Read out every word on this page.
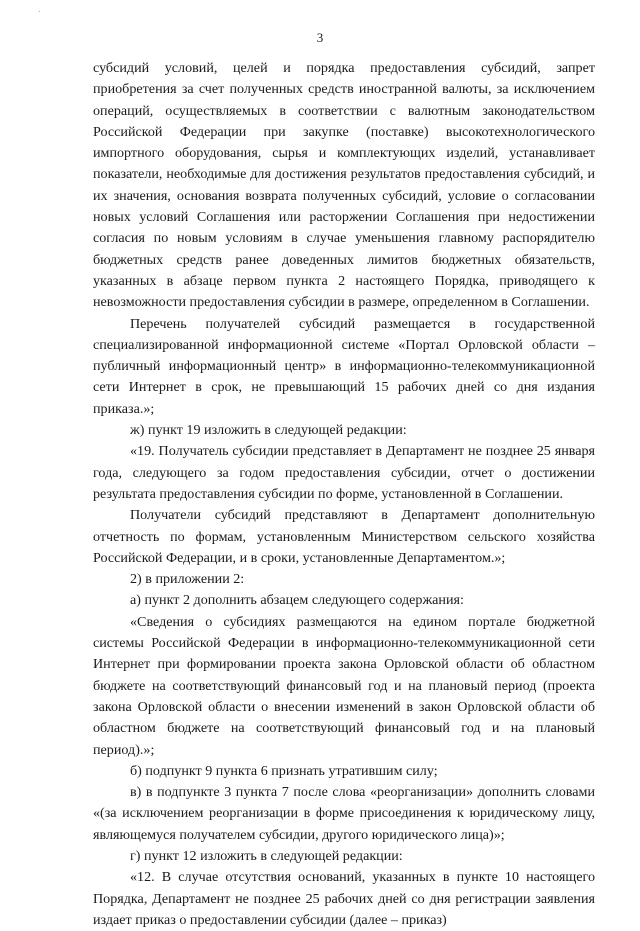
·
3

субсидий условий, целей и порядка предоставления субсидий, запрет приобретения за счет полученных средств иностранной валюты, за исключением операций, осуществляемых в соответствии с валютным законодательством Российской Федерации при закупке (поставке) высокотехнологического импортного оборудования, сырья и комплектующих изделий, устанавливает показатели, необходимые для достижения результатов предоставления субсидий, и их значения, основания возврата полученных субсидий, условие о согласовании новых условий Соглашения или расторжении Соглашения при недостижении согласия по новым условиям в случае уменьшения главному распорядителю бюджетных средств ранее доведенных лимитов бюджетных обязательств, указанных в абзаце первом пункта 2 настоящего Порядка, приводящего к невозможности предоставления субсидии в размере, определенном в Соглашении.

Перечень получателей субсидий размещается в государственной специализированной информационной системе «Портал Орловской области – публичный информационный центр» в информационно-телекоммуникационной сети Интернет в срок, не превышающий 15 рабочих дней со дня издания приказа.»;

ж) пункт 19 изложить в следующей редакции:

«19. Получатель субсидии представляет в Департамент не позднее 25 января года, следующего за годом предоставления субсидии, отчет о достижении результата предоставления субсидии по форме, установленной в Соглашении.

Получатели субсидий представляют в Департамент дополнительную отчетность по формам, установленным Министерством сельского хозяйства Российской Федерации, и в сроки, установленные Департаментом.»;

2) в приложении 2:

а) пункт 2 дополнить абзацем следующего содержания:

«Сведения о субсидиях размещаются на едином портале бюджетной системы Российской Федерации в информационно-телекоммуникационной сети Интернет при формировании проекта закона Орловской области об областном бюджете на соответствующий финансовый год и на плановый период (проекта закона Орловской области о внесении изменений в закон Орловской области об областном бюджете на соответствующий финансовый год и на плановый период).»;

б) подпункт 9 пункта 6 признать утратившим силу;

в) в подпункте 3 пункта 7 после слова «реорганизации» дополнить словами «(за исключением реорганизации в форме присоединения к юридическому лицу, являющемуся получателем субсидии, другого юридического лица)»;

г) пункт 12 изложить в следующей редакции:

«12. В случае отсутствия оснований, указанных в пункте 10 настоящего Порядка, Департамент не позднее 25 рабочих дней со дня регистрации заявления издает приказ о предоставлении субсидии (далее – приказ)
